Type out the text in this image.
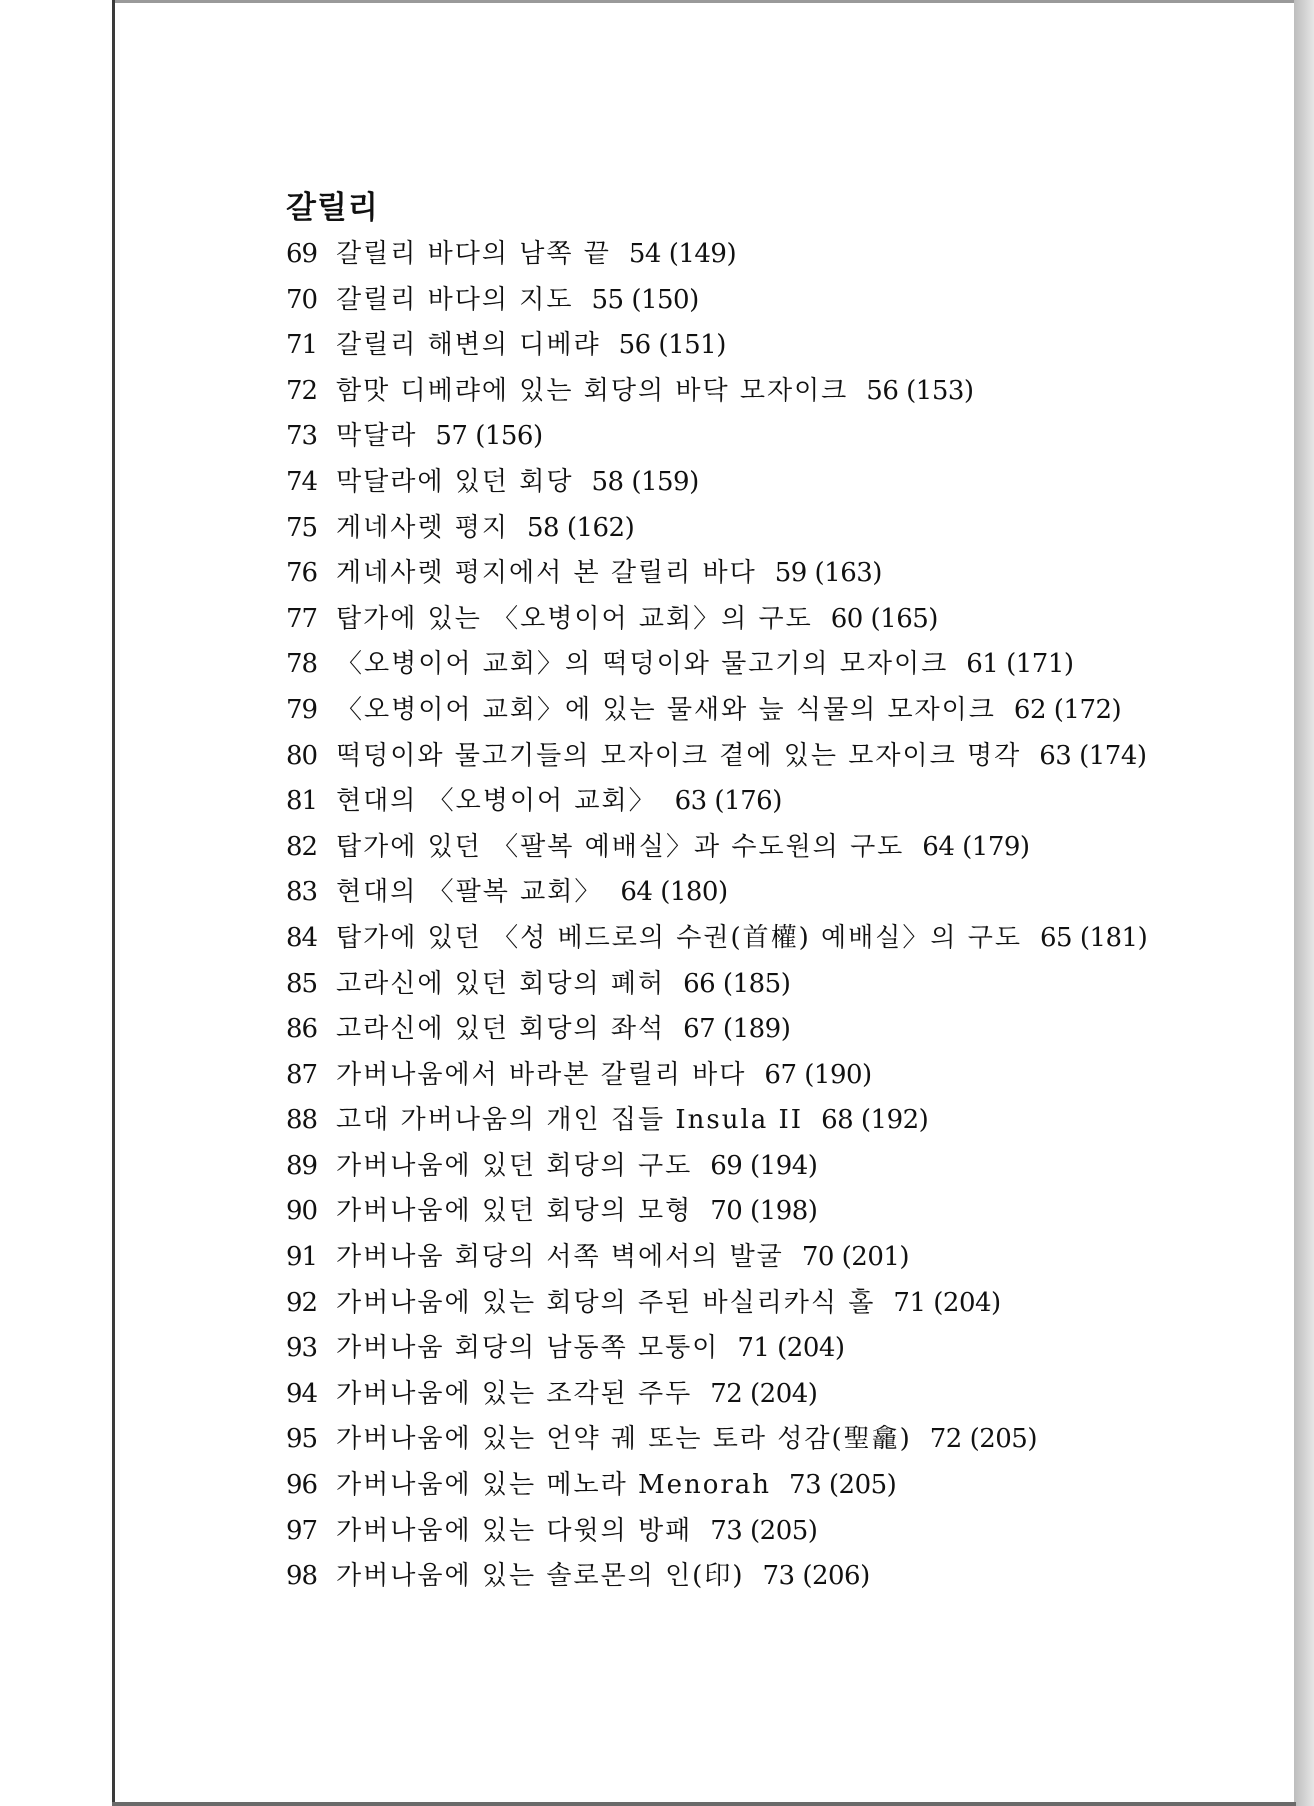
갈릴리
69 갈릴리 바다의 남쪽 끝 54 (149)
70 갈릴리 바다의 지도 55 (150)
71 갈릴리 해변의 디베랴 56 (151)
72 함맛 디베랴에 있는 회당의 바닥 모자이크 56 (153)
73 막달라 57 (156)
74 막달라에 있던 회당 58 (159)
75 게네사렛 평지 58 (162)
76 게네사렛 평지에서 본 갈릴리 바다 59 (163)
77 탑가에 있는 〈오병이어 교회〉의 구도 60 (165)
78 〈오병이어 교회〉의 떡덩이와 물고기의 모자이크 61 (171)
79 〈오병이어 교회〉에 있는 물새와 늪 식물의 모자이크 62 (172)
80 떡덩이와 물고기들의 모자이크 곁에 있는 모자이크 명각 63 (174)
81 현대의 〈오병이어 교회〉 63 (176)
82 탑가에 있던 〈팔복 예배실〉과 수도원의 구도 64 (179)
83 현대의 〈팔복 교회〉 64 (180)
84 탑가에 있던 〈성 베드로의 수권(首權) 예배실〉의 구도 65 (181)
85 고라신에 있던 회당의 폐허 66 (185)
86 고라신에 있던 회당의 좌석 67 (189)
87 가버나움에서 바라본 갈릴리 바다 67 (190)
88 고대 가버나움의 개인 집들 Insula II 68 (192)
89 가버나움에 있던 회당의 구도 69 (194)
90 가버나움에 있던 회당의 모형 70 (198)
91 가버나움 회당의 서쪽 벽에서의 발굴 70 (201)
92 가버나움에 있는 회당의 주된 바실리카식 홀 71 (204)
93 가버나움 회당의 남동쪽 모퉁이 71 (204)
94 가버나움에 있는 조각된 주두 72 (204)
95 가버나움에 있는 언약 궤 또는 토라 성감(聖龕) 72 (205)
96 가버나움에 있는 메노라 Menorah 73 (205)
97 가버나움에 있는 다윗의 방패 73 (205)
98 가버나움에 있는 솔로몬의 인(印) 73 (206)
